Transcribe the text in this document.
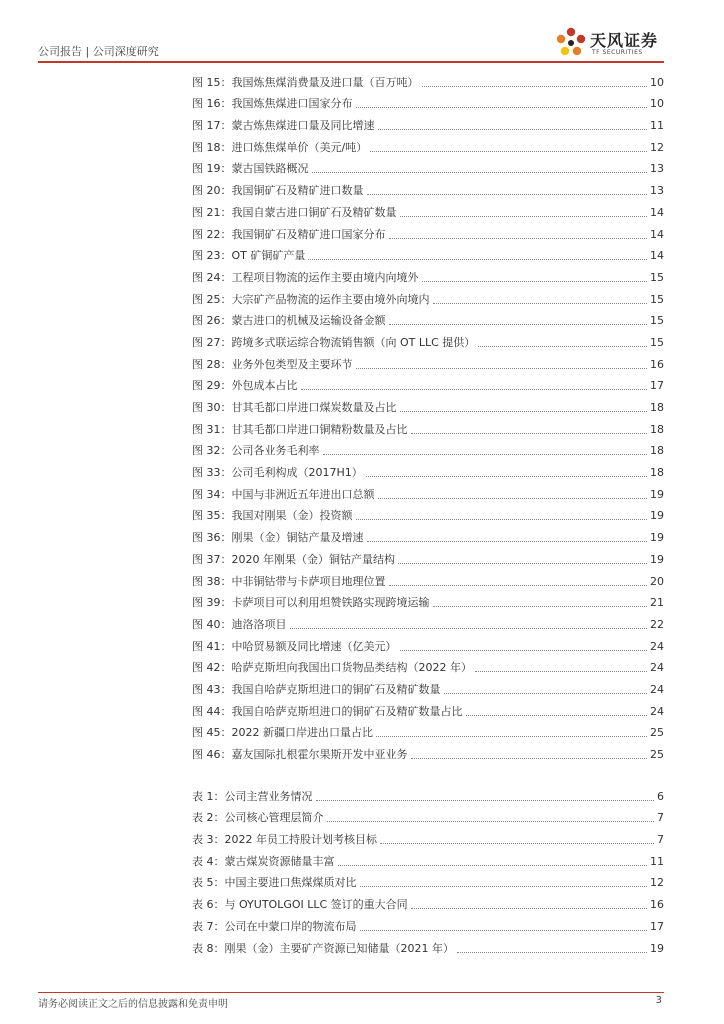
公司报告 | 公司深度研究
天风证券
TF SECURITIES
图 15： 我国炼焦煤消费量及进口量（百万吨）	10
图 16： 我国炼焦煤进口国家分布	10
图 17： 蒙古炼焦煤进口量及同比增速	11
图 18： 进口炼焦煤单价（美元/吨）	12
图 19： 蒙古国铁路概况	13
图 20： 我国铜矿石及精矿进口数量	13
图 21： 我国自蒙古进口铜矿石及精矿数量	14
图 22： 我国铜矿石及精矿进口国家分布	14
图 23： OT 矿铜矿产量	14
图 24： 工程项目物流的运作主要由境内向境外	15
图 25： 大宗矿产品物流的运作主要由境外向境内	15
图 26： 蒙古进口的机械及运输设备金额	15
图 27： 跨境多式联运综合物流销售额（向 OT LLC 提供）	15
图 28： 业务外包类型及主要环节	16
图 29： 外包成本占比	17
图 30： 甘其毛都口岸进口煤炭数量及占比	18
图 31： 甘其毛都口岸进口铜精粉数量及占比	18
图 32： 公司各业务毛利率	18
图 33： 公司毛利构成（2017H1）	18
图 34： 中国与非洲近五年进出口总额	19
图 35： 我国对刚果（金）投资额	19
图 36： 刚果（金）铜钴产量及增速	19
图 37： 2020 年刚果（金）铜钴产量结构	19
图 38： 中非铜钴带与卡萨项目地理位置	20
图 39： 卡萨项目可以利用坦赞铁路实现跨境运输	21
图 40： 迪洛洛项目	22
图 41： 中哈贸易额及同比增速（亿美元）	24
图 42： 哈萨克斯坦向我国出口货物品类结构（2022 年）	24
图 43： 我国自哈萨克斯坦进口的铜矿石及精矿数量	24
图 44： 我国自哈萨克斯坦进口的铜矿石及精矿数量占比	24
图 45： 2022 新疆口岸进出口量占比	25
图 46： 嘉友国际扎根霍尔果斯开发中亚业务	25
表 1： 公司主营业务情况	6
表 2： 公司核心管理层简介	7
表 3： 2022 年员工持股计划考核目标	7
表 4： 蒙古煤炭资源储量丰富	11
表 5： 中国主要进口焦煤煤质对比	12
表 6： 与 OYUTOLGOI LLC 签订的重大合同	16
表 7： 公司在中蒙口岸的物流布局	17
表 8： 刚果（金）主要矿产资源已知储量（2021 年）	19
请务必阅读正文之后的信息披露和免责申明	3
